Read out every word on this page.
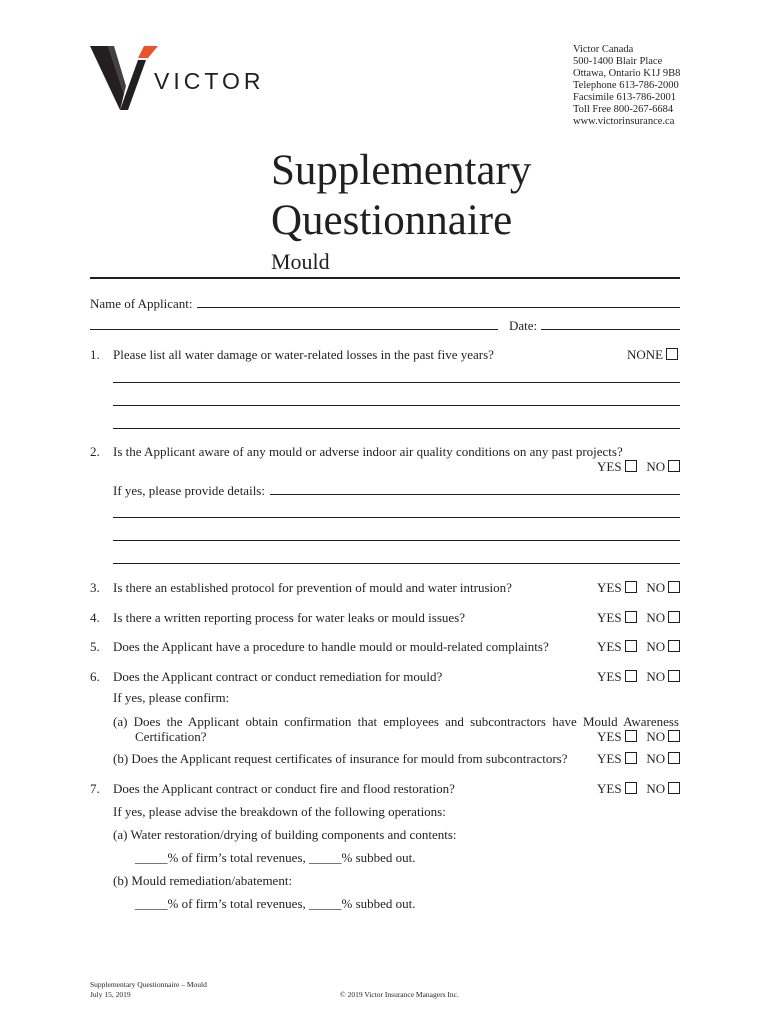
VICTOR
Victor Canada
500-1400 Blair Place
Ottawa, Ontario K1J 9B8
Telephone 613-786-2000
Facsimile 613-786-2001
Toll Free 800-267-6684
www.victorinsurance.ca
Supplementary
Questionnaire
Mould
Name of Applicant:
Date:
1. Please list all water damage or water-related losses in the past five years?	NONE
2. Is the Applicant aware of any mould or adverse indoor air quality conditions on any past projects?
YES NO
If yes, please provide details:
3. Is there an established protocol for prevention of mould and water intrusion?	YES NO
4. Is there a written reporting process for water leaks or mould issues?	YES NO
5. Does the Applicant have a procedure to handle mould or mould-related complaints?	YES NO
6. Does the Applicant contract or conduct remediation for mould?	YES NO
If yes, please confirm:
(a) Does the Applicant obtain confirmation that employees and subcontractors have Mould Awareness
Certification?	YES NO
(b) Does the Applicant request certificates of insurance for mould from subcontractors? YES NO
7. Does the Applicant contract or conduct fire and flood restoration?	YES NO
If yes, please advise the breakdown of the following operations:
(a) Water restoration/drying of building components and contents:
_____% of firm’s total revenues, _____% subbed out.
(b) Mould remediation/abatement:
_____% of firm’s total revenues, _____% subbed out.
Supplementary Questionnaire – Mould
July 15, 2019	© 2019 Victor Insurance Managers Inc.
